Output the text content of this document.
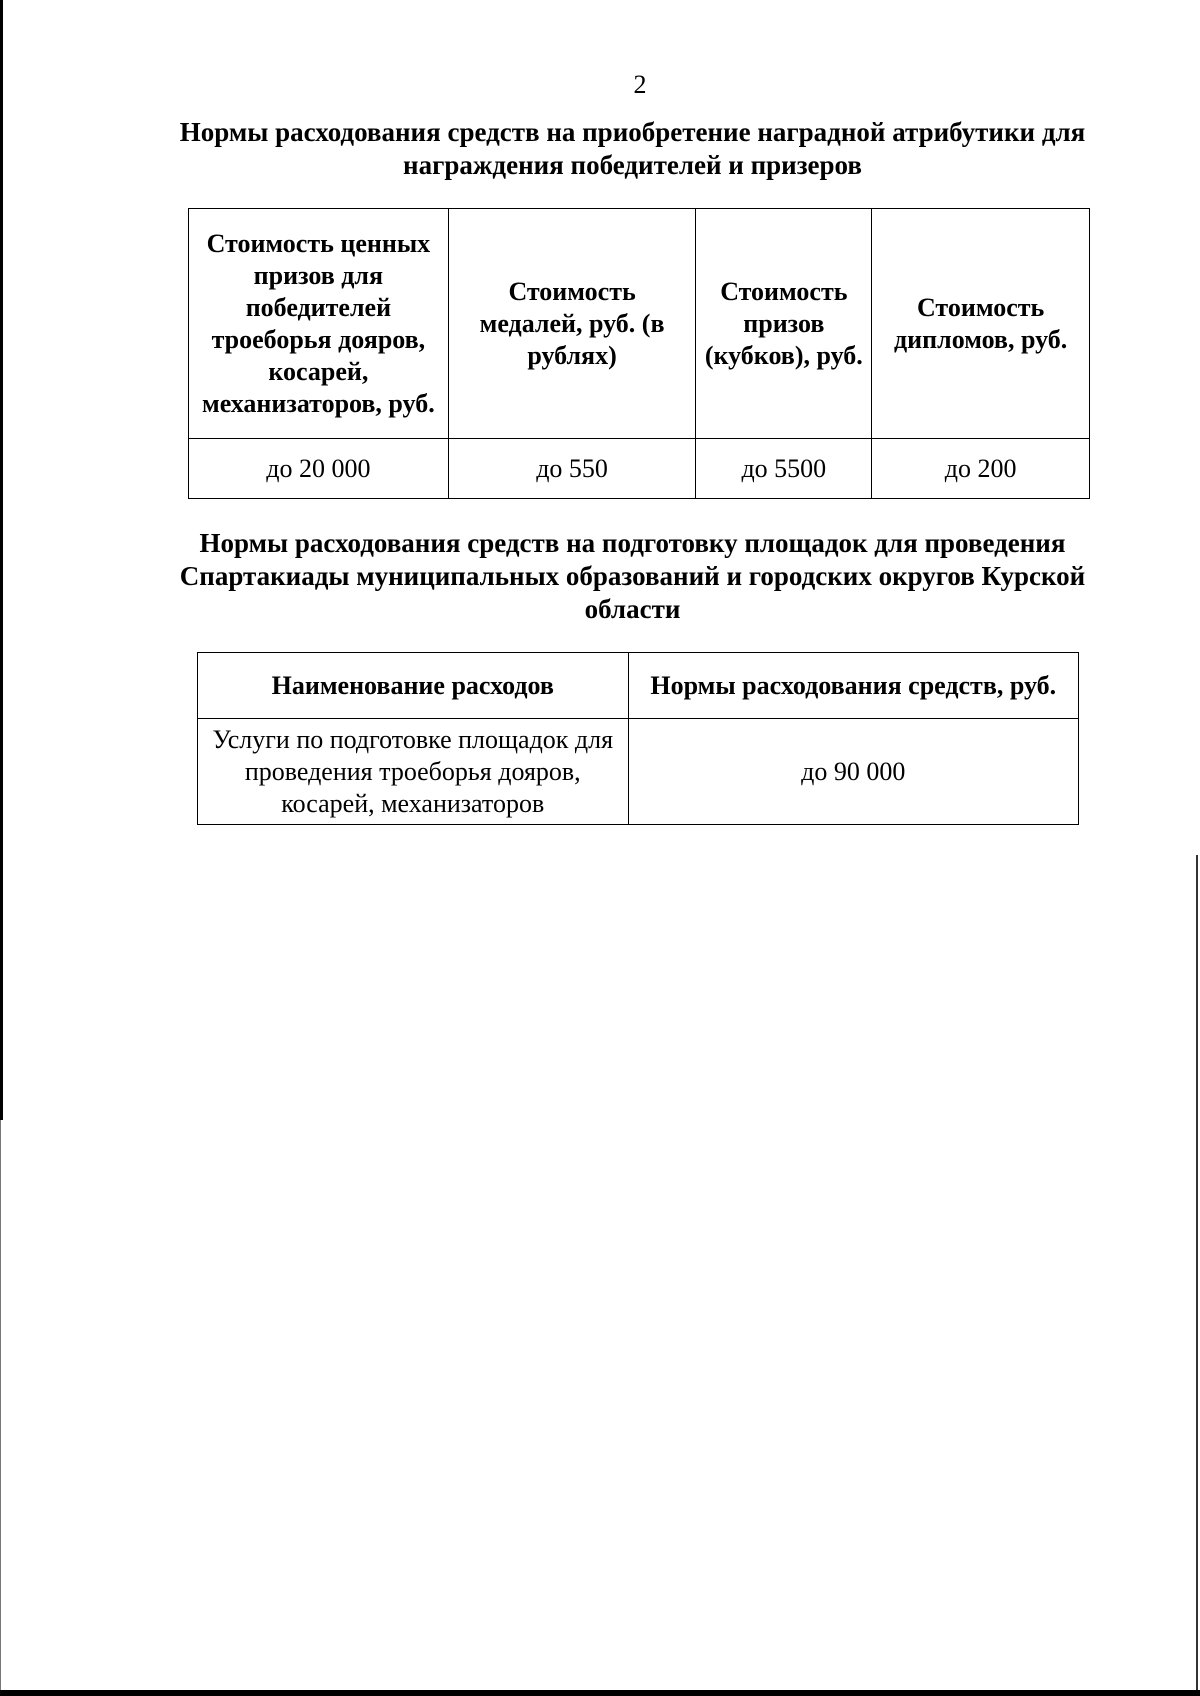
2
Нормы расходования средств на приобретение наградной атрибутики для награждения победителей и призеров
Стоимость ценных призов для победителей троеборья дояров, косарей, механизаторов, руб.	Стоимость медалей, руб. (в рублях)	Стоимость призов (кубков), руб.	Стоимость дипломов, руб.
до 20 000	до 550	до 5500	до 200
Нормы расходования средств на подготовку площадок для проведения Спартакиады муниципальных образований и городских округов Курской области
Наименование расходов	Нормы расходования средств, руб.
Услуги по подготовке площадок для проведения троеборья дояров, косарей, механизаторов	до 90 000
